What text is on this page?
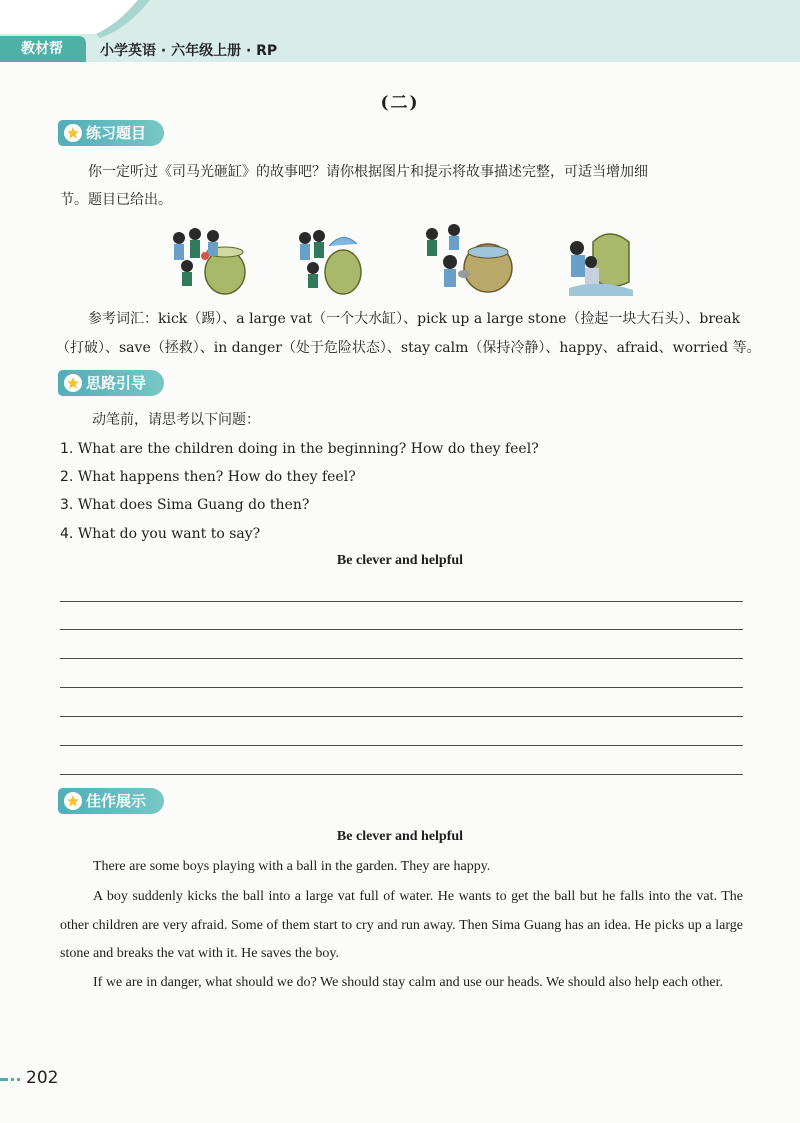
教材帮	小学英语 · 六年级上册 · RP
(二)
练习题目
你一定听过《司马光砸缸》的故事吧？请你根据图片和提示将故事描述完整，可适当增加细
节。题目已给出。
参考词汇：kick（踢）、a large vat（一个大水缸）、pick up a large stone（捡起一块大石头）、break
（打破）、save（拯救）、in danger（处于危险状态）、stay calm（保持冷静）、happy、afraid、worried 等。
思路引导
动笔前，请思考以下问题：
1. What are the children doing in the beginning? How do they feel?
2. What happens then? How do they feel?
3. What does Sima Guang do then?
4. What do you want to say?
Be clever and helpful
佳作展示
Be clever and helpful
There are some boys playing with a ball in the garden. They are happy.
A boy suddenly kicks the ball into a large vat full of water. He wants to get the ball but he falls into the vat. The other children are very afraid. Some of them start to cry and run away. Then Sima Guang has an idea. He picks up a large stone and breaks the vat with it. He saves the boy.
If we are in danger, what should we do? We should stay calm and use our heads. We should also help each other.
202
